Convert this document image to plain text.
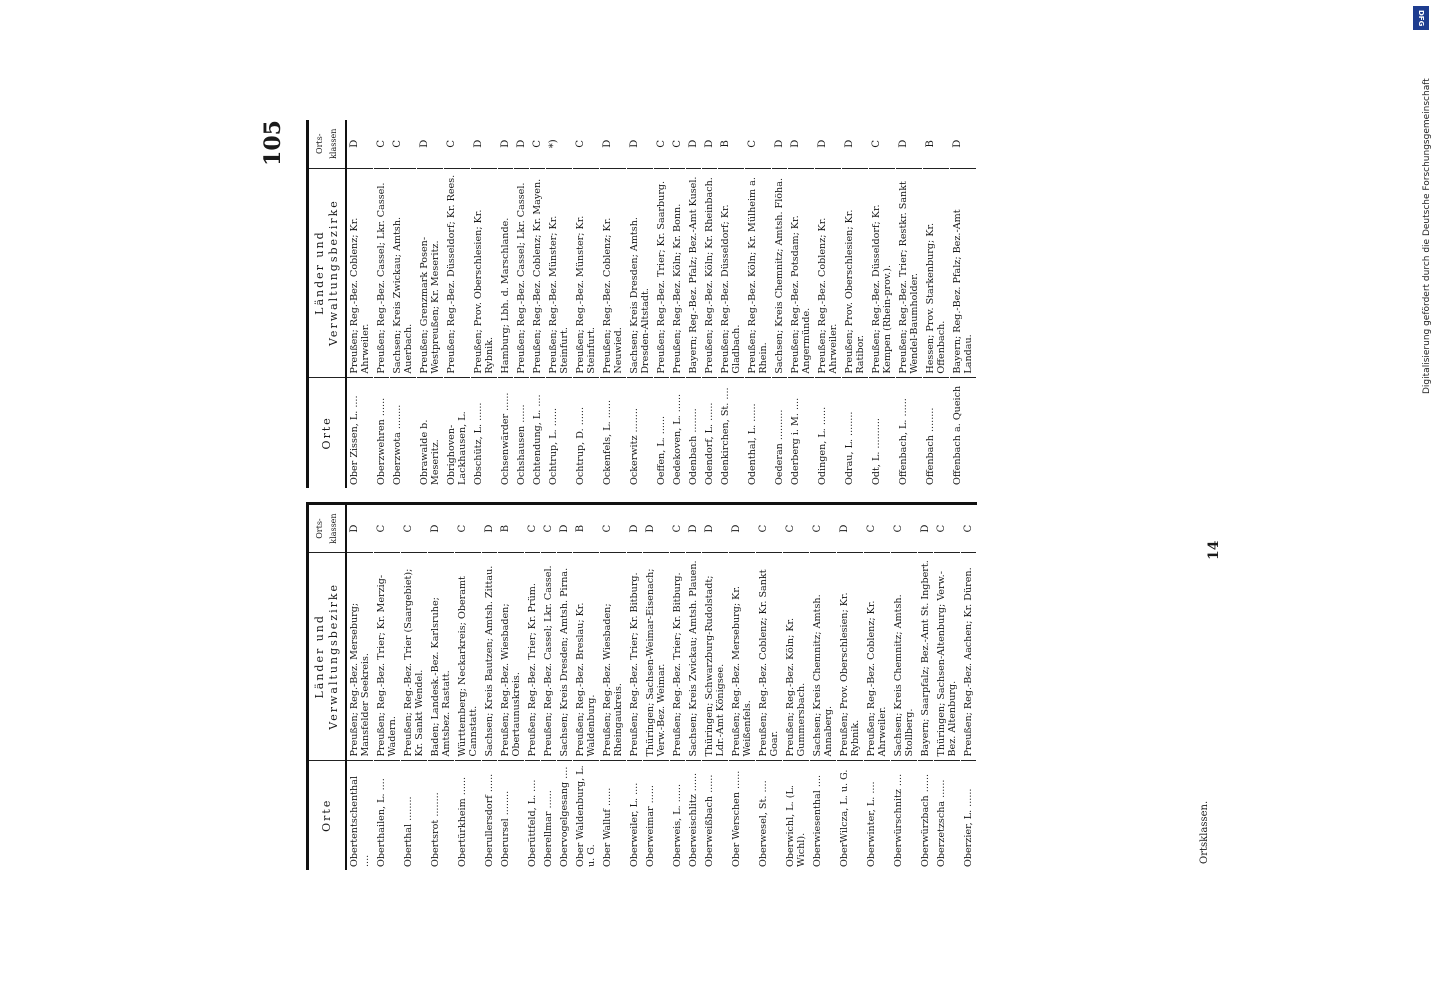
105
Orte	Länder und Verwaltungsbezirke	Orts- klassen
Obertentschenthal ....	Preußen; Reg.-Bez. Merseburg; Mansfelder Seekreis.	D
Oberthailen, L. ....	Preußen; Reg.-Bez. Trier; Kr. Merzig-Wadern.	C
Oberthal ........	Preußen; Reg.-Bez. Trier (Saargebiet); Kr. Sankt Wendel.	C
Obertsrot ........	Baden; Landesk.-Bez. Karlsruhe; Amtsbez. Rastatt.	D
Obertürkheim ......	Württemberg; Neckarkreis; Oberamt Cannstatt.	C
Oberullersdorf ......	Sachsen; Kreis Bautzen; Amtsh. Zittau.	D
Oberursel ........	Preußen; Reg.-Bez. Wiesbaden; Obertaunuskreis.	B
Oberüttfeld, L. ....	Preußen; Reg.-Bez. Trier; Kr. Prüm.	C
Oberellmar ......	Preußen; Reg.-Bez. Cassel; Lkr. Cassel.	C
Obervogelgesang ....	Sachsen; Kreis Dresden; Amtsh. Pirna.	D
Ober Waldenburg, L. u. G.	Preußen; Reg.-Bez. Breslau; Kr. Waldenburg.	B
Ober Walluf ......	Preußen; Reg.-Bez. Wiesbaden; Rheingaukreis.	C
Oberweiler, L. ....	Preußen; Reg.-Bez. Trier; Kr. Bitburg.	D
Oberweimar ......	Thüringen; Sachsen-Weimar-Eisenach; Verw.-Bez. Weimar.	D
Oberweis, L. ......	Preußen; Reg.-Bez. Trier; Kr. Bitburg.	C
Oberweischlitz ......	Sachsen; Kreis Zwickau; Amtsh. Plauen.	D
Oberweißbach ......	Thüringen; Schwarzburg-Rudolstadt; Ldr.-Amt Königsee.	D
Ober Werschen ......	Preußen; Reg.-Bez. Merseburg; Kr. Weißenfels.	D
Oberwesel, St. ....	Preußen; Reg.-Bez. Coblenz; Kr. Sankt Goar.	C
Oberwichl, L. (L. Wichl).	Preußen; Reg.-Bez. Köln; Kr. Gummersbach.	C
Oberwiesenthal ....	Sachsen; Kreis Chemnitz; Amtsh. Annaberg.	C
OberWilcza, L. u. G.	Preußen; Prov. Oberschlesien; Kr. Rybnik.	D
Oberwinter, L. ....	Preußen; Reg.-Bez. Coblenz; Kr. Ahrweiler.	C
Oberwürschnitz ....	Sachsen; Kreis Chemnitz; Amtsh. Stollberg.	C
Oberwürzbach ......	Bayern; Saarpfalz; Bez.-Amt St. Ingbert.	D
Oberzetzscha ......	Thüringen; Sachsen-Altenburg; Verw.-Bez. Altenburg.	C
Oberzier, L. ......	Preußen; Reg.-Bez. Aachen; Kr. Düren.	C
Orte	Länder und Verwaltungsbezirke	Orts- klassen
Ober Zissen, L. ....	Preußen; Reg.-Bez. Coblenz; Kr. Ahrweiler.	D
Oberzwehren ......	Preußen; Reg.-Bez. Cassel; Lkr. Cassel.	C
Oberzwota ........	Sachsen; Kreis Zwickau; Amtsh. Auerbach.	C
Obrawalde b. Meseritz.	Preußen; Grenzmark Posen-Westpreußen; Kr. Meseritz.	D
Obrighoven-Lackhausen, L.	Preußen; Reg.-Bez. Düsseldorf; Kr. Rees.	C
Obschütz, L. ......	Preußen; Prov. Oberschlesien; Kr. Rybnik.	D
Ochsenwärder ......	Hamburg; Lbh. d. Marschlande.	D
Ochshausen ......	Preußen; Reg.-Bez. Cassel; Lkr. Cassel.	D
Ochtendung, L. ....	Preußen; Reg.-Bez. Coblenz; Kr. Mayen.	C
Ochtrup, L. ......	Preußen; Reg.-Bez. Münster; Kr. Steinfurt.	*)
Ochtrup, D. ......	Preußen; Reg.-Bez. Münster; Kr. Steinfurt.	C
Ockenfels, L. ......	Preußen; Reg.-Bez. Coblenz; Kr. Neuwied.	D
Ockerwitz ........	Sachsen; Kreis Dresden; Amtsh. Dresden-Altstadt.	D
Oeffen, L. ......	Preußen; Reg.-Bez. Trier; Kr. Saarburg.	C
Oedekoven, L. ......	Preußen; Reg.-Bez. Köln; Kr. Bonn.	C
Odenbach ........	Bayern; Reg.-Bez. Pfalz; Bez.-Amt Kusel.	D
Odendorf, L. ......	Preußen; Reg.-Bez. Köln; Kr. Rheinbach.	D
Odenkirchen, St. ....	Preußen; Reg.-Bez. Düsseldorf; Kr. Gladbach.	B
Odenthal, L. ......	Preußen; Reg.-Bez. Köln; Kr. Mülheim a. Rhein.	C
Oederan ..........	Sachsen; Kreis Chemnitz; Amtsh. Flöha.	D
Oderberg i. M. ....	Preußen; Reg.-Bez. Potsdam; Kr. Angermünde.	D
Odingen, L. ......	Preußen; Reg.-Bez. Coblenz; Kr. Ahrweiler.	D
Odrau, L. ........	Preußen; Prov. Oberschlesien; Kr. Ratibor.	D
Odt, L. ..........	Preußen; Reg.-Bez. Düsseldorf; Kr. Kempen (Rhein-prov.).	C
Offenbach, L. ......	Preußen; Reg.-Bez. Trier; Restkr. Sankt Wendel-Baumholder.	D
Offenbach ........	Hessen; Prov. Starkenburg; Kr. Offenbach.	B
Offenbach a. Queich	Bayern; Reg.-Bez. Pfalz; Bez.-Amt Landau.	D
Ortsklassen.
14
DFG
Digitalisierung gefördert durch die Deutsche Forschungsgemeinschaft
